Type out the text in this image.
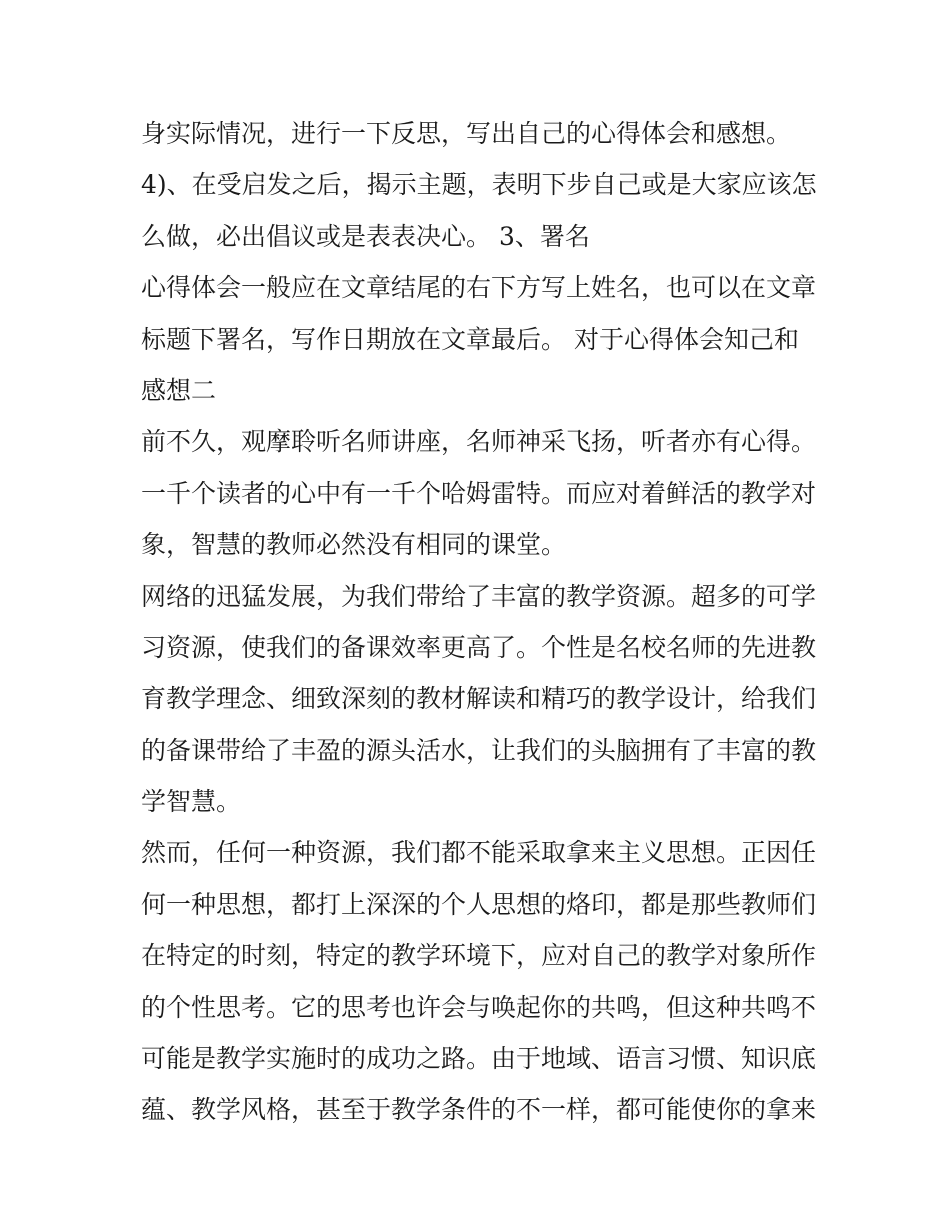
身实际情况，进行一下反思，写出自己的心得体会和感想。
4)、在受启发之后，揭示主题，表明下步自己或是大家应该怎
么做，必出倡议或是表表决心。 3、署名
心得体会一般应在文章结尾的右下方写上姓名，也可以在文章
标题下署名，写作日期放在文章最后。 对于心得体会知己和
感想二
前不久，观摩聆听名师讲座，名师神采飞扬，听者亦有心得。
一千个读者的心中有一千个哈姆雷特。而应对着鲜活的教学对
象，智慧的教师必然没有相同的课堂。
网络的迅猛发展，为我们带给了丰富的教学资源。超多的可学
习资源，使我们的备课效率更高了。个性是名校名师的先进教
育教学理念、细致深刻的教材解读和精巧的教学设计，给我们
的备课带给了丰盈的源头活水，让我们的头脑拥有了丰富的教
学智慧。
然而，任何一种资源，我们都不能采取拿来主义思想。正因任
何一种思想，都打上深深的个人思想的烙印，都是那些教师们
在特定的时刻，特定的教学环境下，应对自己的教学对象所作
的个性思考。它的思考也许会与唤起你的共鸣，但这种共鸣不
可能是教学实施时的成功之路。由于地域、语言习惯、知识底
蕴、教学风格，甚至于教学条件的不一样，都可能使你的拿来
